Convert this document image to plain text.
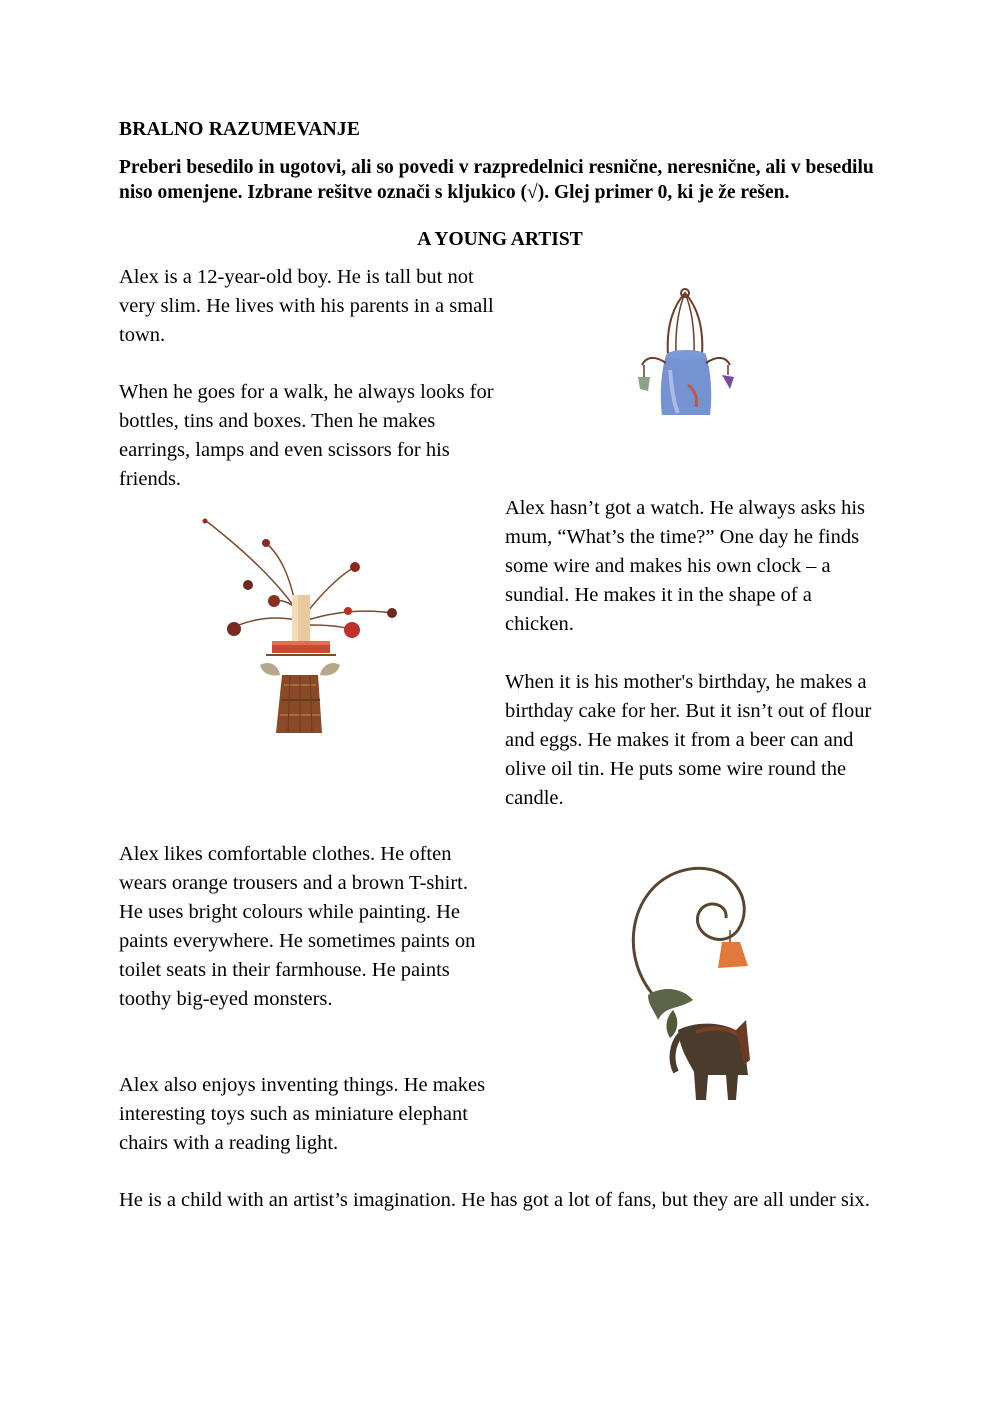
BRALNO RAZUMEVANJE
Preberi besedilo in ugotovi, ali so povedi v razpredelnici resnične, neresnične, ali v besedilu niso omenjene. Izbrane rešitve označi s kljukico (√). Glej primer 0, ki je že rešen.
A YOUNG ARTIST
Alex is a 12-year-old boy. He is tall but not very slim. He lives with his parents in a small town.
When he goes for a walk, he always looks for bottles, tins and boxes. Then he makes earrings, lamps and even scissors for his friends.
Alex hasn’t got a watch. He always asks his mum, “What’s the time?” One day he finds some wire and makes his own clock – a sundial. He makes it in the shape of a chicken.
When it is his mother's birthday, he makes a birthday cake for her. But it isn’t out of flour and eggs. He makes it from a beer can and olive oil tin. He puts some wire round the candle.
Alex likes comfortable clothes. He often wears orange trousers and a brown T-shirt. He uses bright colours while painting. He paints everywhere. He sometimes paints on toilet seats in their farmhouse. He paints toothy big-eyed monsters.
Alex also enjoys inventing things. He makes interesting toys such as miniature elephant chairs with a reading light.
He is a child with an artist’s imagination. He has got a lot of fans, but they are all under six.
